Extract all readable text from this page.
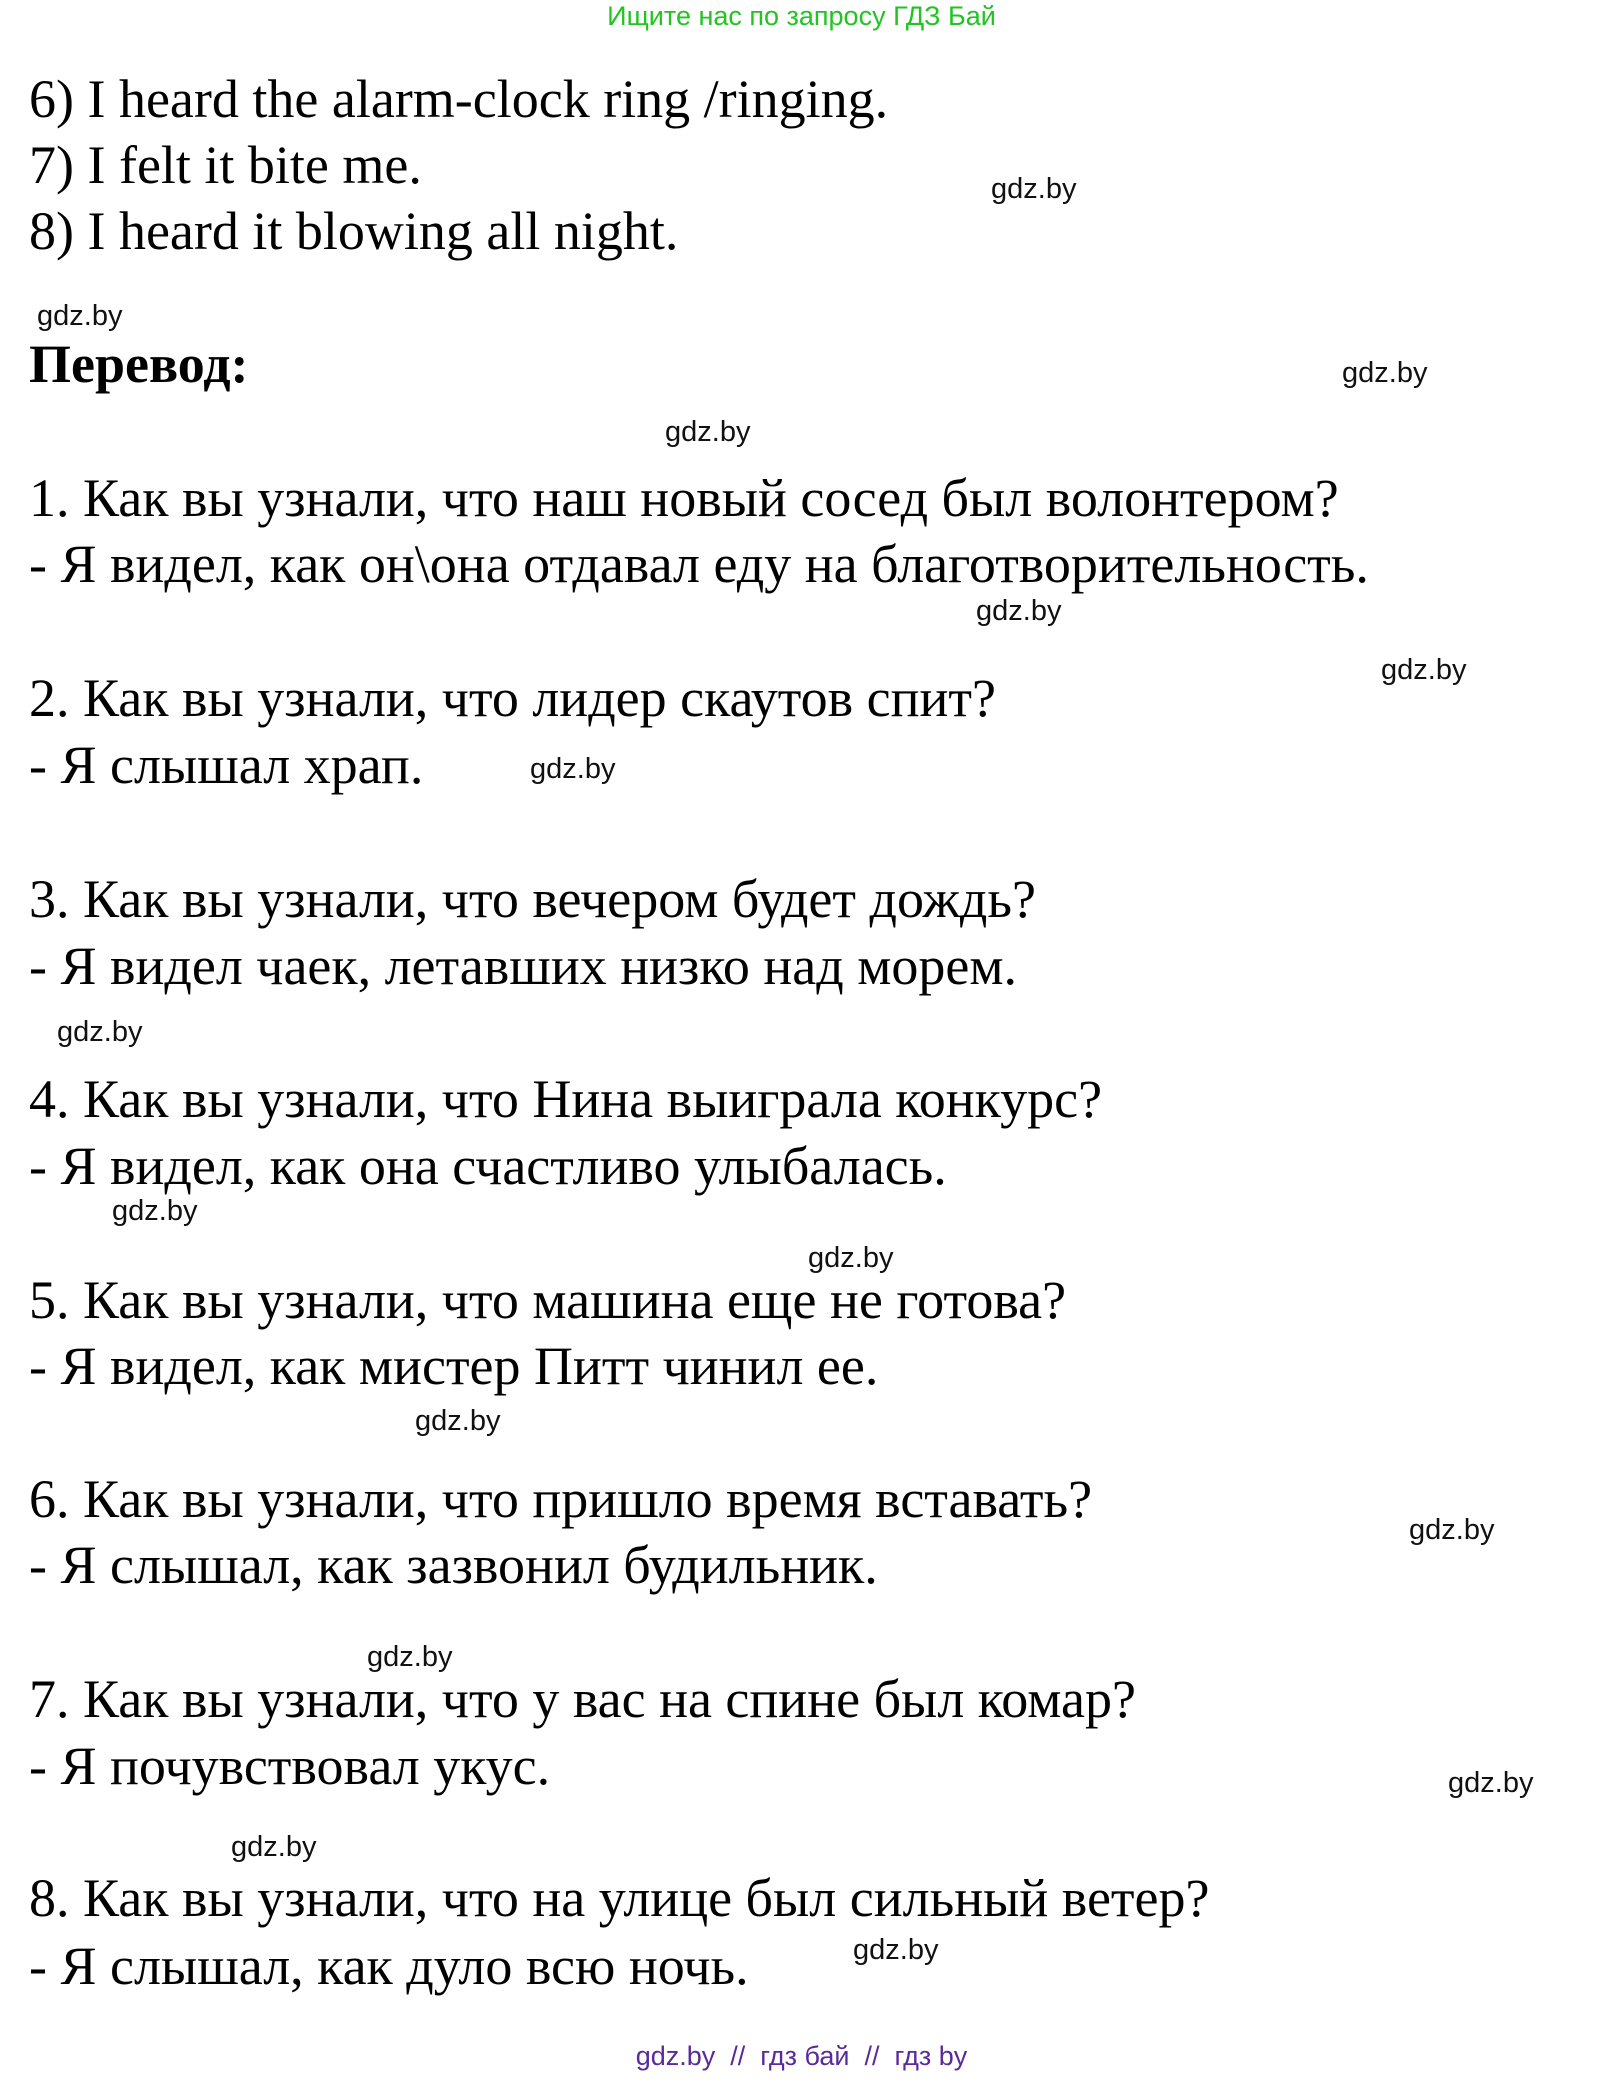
Ищите нас по запросу ГДЗ Бай
6) I heard the alarm-clock ring /ringing.
7) I felt it bite me.
8) I heard it blowing all night.
Перевод:
1. Как вы узнали, что наш новый сосед был волонтером?
- Я видел, как он\она отдавал еду на благотворительность.
2. Как вы узнали, что лидер скаутов спит?
- Я слышал храп.
3. Как вы узнали, что вечером будет дождь?
- Я видел чаек, летавших низко над морем.
4. Как вы узнали, что Нина выиграла конкурс?
- Я видел, как она счастливо улыбалась.
5. Как вы узнали, что машина еще не готова?
- Я видел, как мистер Питт чинил ее.
6. Как вы узнали, что пришло время вставать?
- Я слышал, как зазвонил будильник.
7. Как вы узнали, что у вас на спине был комар?
- Я почувствовал укус.
8. Как вы узнали, что на улице был сильный ветер?
- Я слышал, как дуло всю ночь.
gdz.by
gdz.by
gdz.by
gdz.by
gdz.by
gdz.by
gdz.by
gdz.by
gdz.by
gdz.by
gdz.by
gdz.by
gdz.by
gdz.by
gdz.by
gdz.by
gdz.by  //  гдз бай  //  гдз by
